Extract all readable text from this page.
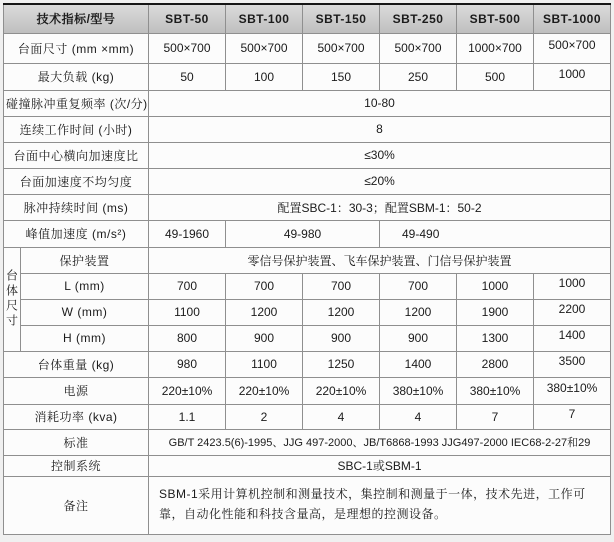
技术指标/型号		SBT-50	SBT-100	SBT-150	SBT-250	SBT-500	SBT-1000
台面尺寸 (mm ×mm)		500×700	500×700	500×700	500×700	1000×700	500×700
最大负载 (kg)		50	100	150	250	500	1000
碰撞脉冲重复频率 (次/分)		10-80					
连续工作时间 (小时)		8					
台面中心横向加速度比		≤30%					
台面加速度不均匀度		≤20%					
脉冲持续时间 (ms)		配置SBC-1：30-3；配置SBM-1：50-2					
峰值加速度 (m/s²)		49-1960	49-980		49-490		
台体尺寸	保护装置	零信号保护装置、飞车保护装置、门信号保护装置					
	L (mm)	700	700	700	700	1000	1000
	W (mm)	1100	1200	1200	1200	1900	2200
	H (mm)	800	900	900	900	1300	1400
台体重量 (kg)		980	1100	1250	1400	2800	3500
电源		220±10%	220±10%	220±10%	380±10%	380±10%	380±10%
消耗功率 (kva)		1.1	2	4	4	7	7
标准		GB/T 2423.5(6)-1995、JJG 497-2000、JB/T6868-1993 JJG497-2000 IEC68-2-27和29					
控制系统		SBC-1或SBM-1					
备注		SBM-1采用计算机控制和测量技术，集控制和测量于一体，技术先进，工作可靠，自动化性能和科技含量高，是理想的控测设备。					
